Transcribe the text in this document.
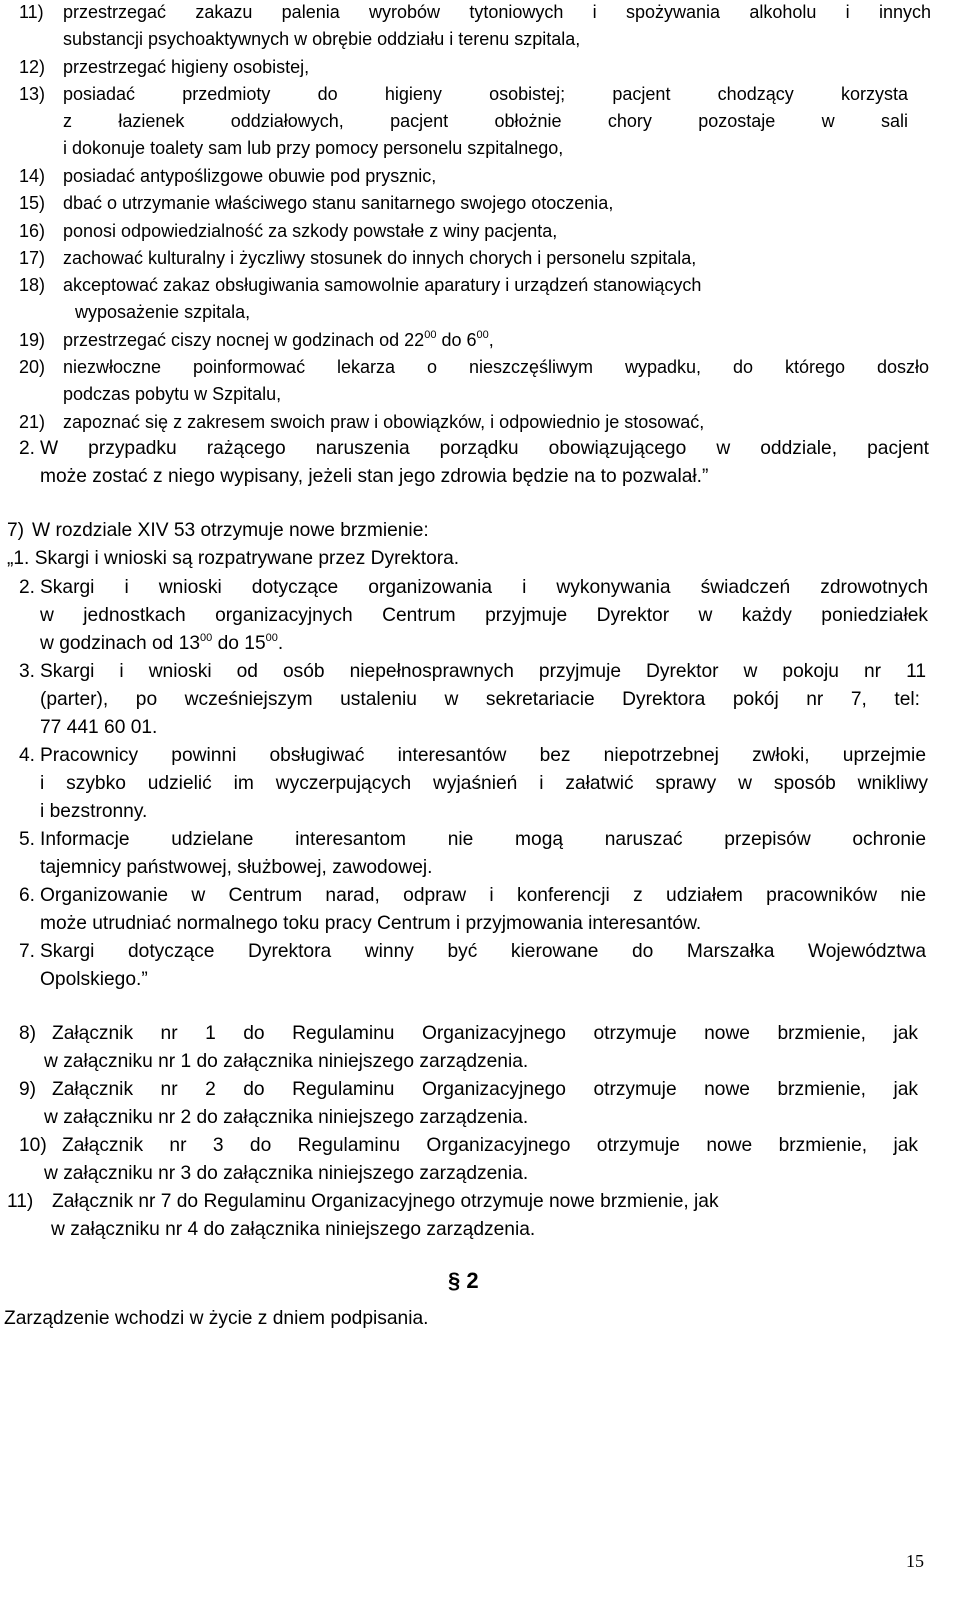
11) przestrzegać zakazu palenia wyrobów tytoniowych i spożywania alkoholu i innych
substancji psychoaktywnych w obrębie oddziału i terenu szpitala,
12) przestrzegać higieny osobistej,
13) posiadać przedmioty do higieny osobistej; pacjent chodzący korzysta
z łazienek oddziałowych, pacjent obłożnie chory pozostaje w sali
i dokonuje toalety sam lub przy pomocy personelu szpitalnego,
14) posiadać antypoślizgowe obuwie pod prysznic,
15) dbać o utrzymanie właściwego stanu sanitarnego swojego otoczenia,
16) ponosi odpowiedzialność za szkody powstałe z winy pacjenta,
17) zachować kulturalny i życzliwy stosunek do innych chorych i personelu szpitala,
18) akceptować zakaz obsługiwania samowolnie aparatury i urządzeń stanowiących
wyposażenie szpitala,
19) przestrzegać ciszy nocnej w godzinach od $22^{00}$ do $6^{00}$,
20) niezwłoczne poinformować lekarza o nieszczęśliwym wypadku, do którego doszło
podczas pobytu w Szpitalu,
21) zapoznać się z zakresem swoich praw i obowiązków, i odpowiednio je stosować,
2. W przypadku rażącego naruszenia porządku obowiązującego w oddziale, pacjent
może zostać z niego wypisany, jeżeli stan jego zdrowia będzie na to pozwalał.”
7) W rozdziale XIV 53 otrzymuje nowe brzmienie:
„1. Skargi i wnioski są rozpatrywane przez Dyrektora.
2. Skargi i wnioski dotyczące organizowania i wykonywania świadczeń zdrowotnych
w jednostkach organizacyjnych Centrum przyjmuje Dyrektor w każdy poniedziałek
w godzinach od $13^{00}$ do $15^{00}$.
3. Skargi i wnioski od osób niepełnosprawnych przyjmuje Dyrektor w pokoju nr 11
(parter), po wcześniejszym ustaleniu w sekretariacie Dyrektora pokój nr 7, tel:
77 441 60 01.
4. Pracownicy powinni obsługiwać interesantów bez niepotrzebnej zwłoki, uprzejmie
i szybko udzielić im wyczerpujących wyjaśnień i załatwić sprawy w sposób wnikliwy
i bezstronny.
5. Informacje udzielane interesantom nie mogą naruszać przepisów ochronie
tajemnicy państwowej, służbowej, zawodowej.
6. Organizowanie w Centrum narad, odpraw i konferencji z udziałem pracowników nie
może utrudniać normalnego toku pracy Centrum i przyjmowania interesantów.
7. Skargi dotyczące Dyrektora winny być kierowane do Marszałka Województwa
Opolskiego.”
8) Załącznik nr 1 do Regulaminu Organizacyjnego otrzymuje nowe brzmienie, jak
w załączniku nr 1 do załącznika niniejszego zarządzenia.
9) Załącznik nr 2 do Regulaminu Organizacyjnego otrzymuje nowe brzmienie, jak
w załączniku nr 2 do załącznika niniejszego zarządzenia.
10) Załącznik nr 3 do Regulaminu Organizacyjnego otrzymuje nowe brzmienie, jak
w załączniku nr 3 do załącznika niniejszego zarządzenia.
11) Załącznik nr 7 do Regulaminu Organizacyjnego otrzymuje nowe brzmienie, jak
w załączniku nr 4 do załącznika niniejszego zarządzenia.
§ 2
Zarządzenie wchodzi w życie z dniem podpisania.
15
